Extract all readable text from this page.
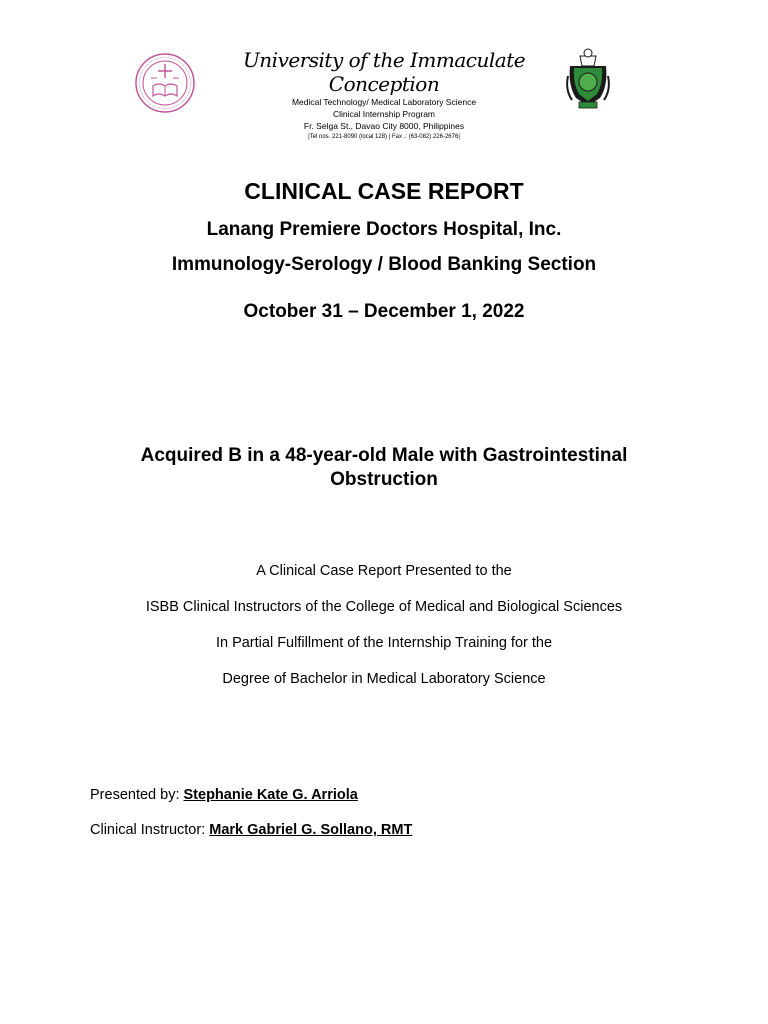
University of the Immaculate Conception
Medical Technology/ Medical Laboratory Science
Clinical Internship Program
Fr. Selga St., Davao City 8000, Philippines
|Tel nos. 221-8090 (local 128) | Fax .: (63-082) 226-2676|
CLINICAL CASE REPORT
Lanang Premiere Doctors Hospital, Inc.
Immunology-Serology / Blood Banking Section
October 31 – December 1, 2022
Acquired B in a 48-year-old Male with Gastrointestinal
Obstruction
A Clinical Case Report Presented to the
ISBB Clinical Instructors of the College of Medical and Biological Sciences
In Partial Fulfillment of the Internship Training for the
Degree of Bachelor in Medical Laboratory Science
Presented by: Stephanie Kate G. Arriola
Clinical Instructor: Mark Gabriel G. Sollano, RMT
